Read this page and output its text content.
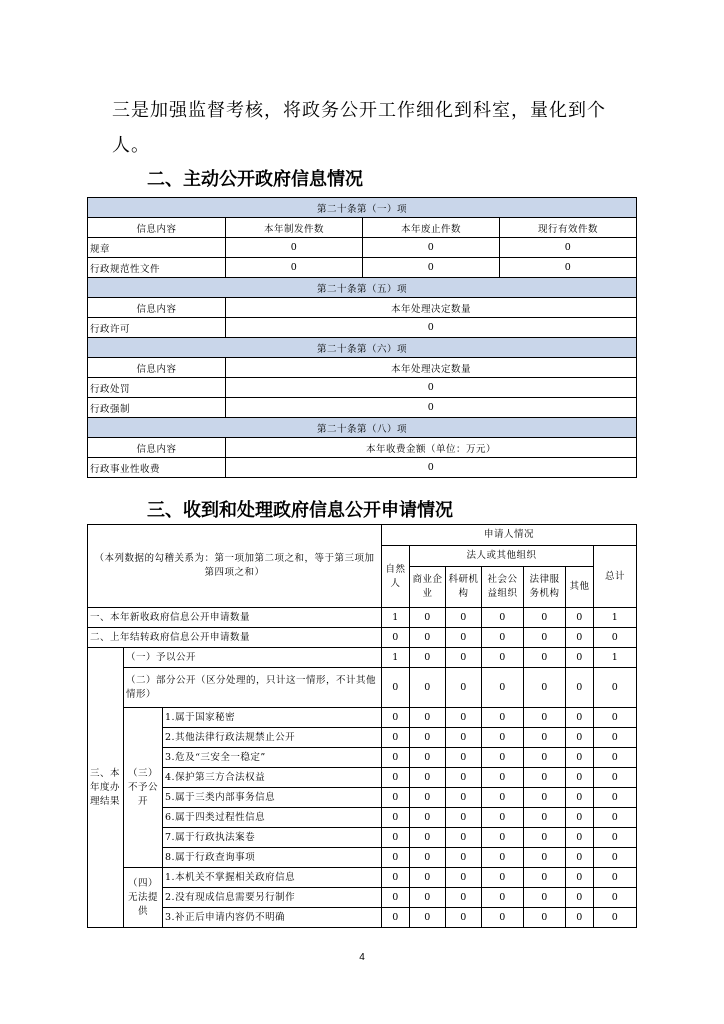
三是加强监督考核，将政务公开工作细化到科室，量化到个人。

二、主动公开政府信息情况
第二十条第（一）项			
信息内容	本年制发件数	本年废止件数	现行有效件数
规章	0	0	0
行政规范性文件	0	0	0
第二十条第（五）项			
信息内容	本年处理决定数量		
行政许可	0		
第二十条第（六）项			
信息内容	本年处理决定数量		
行政处罚	0		
行政强制	0		
第二十条第（八）项			
信息内容	本年收费金额（单位：万元）		
行政事业性收费	0		
三、收到和处理政府信息公开申请情况
（本列数据的勾稽关系为：第一项加第二项之和，等于第三项加第四项之和）			申请人情况						
			自然人	法人或其他组织					总计
				商业企业	科研机构	社会公益组织	法律服务机构	其他	
一、本年新收政府信息公开申请数量			1	0	0	0	0	0	1
二、上年结转政府信息公开申请数量			0	0	0	0	0	0	0
三、本年度办理结果	（一）予以公开		1	0	0	0	0	0	1
	（二）部分公开（区分处理的，只计这一情形，不计其他情形）		0	0	0	0	0	0	0
	（三）不予公开	1.属于国家秘密	0	0	0	0	0	0	0
		2.其他法律行政法规禁止公开	0	0	0	0	0	0	0
		3.危及“三安全一稳定”	0	0	0	0	0	0	0
		4.保护第三方合法权益	0	0	0	0	0	0	0
		5.属于三类内部事务信息	0	0	0	0	0	0	0
		6.属于四类过程性信息	0	0	0	0	0	0	0
		7.属于行政执法案卷	0	0	0	0	0	0	0
		8.属于行政查询事项	0	0	0	0	0	0	0
	（四）无法提供	1.本机关不掌握相关政府信息	0	0	0	0	0	0	0
		2.没有现成信息需要另行制作	0	0	0	0	0	0	0
		3.补正后申请内容仍不明确	0	0	0	0	0	0	0
4
